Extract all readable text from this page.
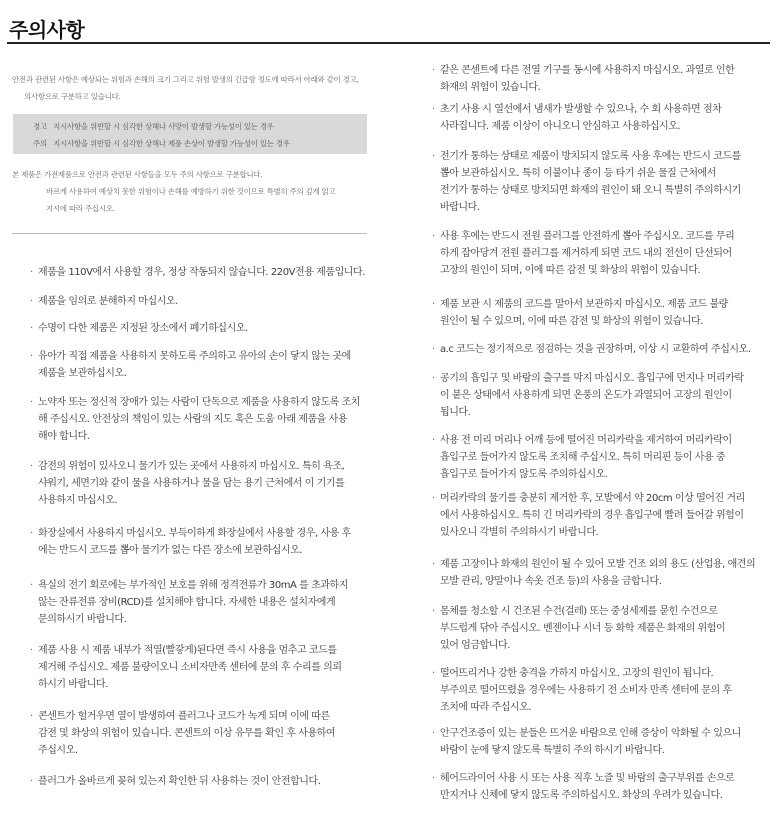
주의사항
안전과 관련된 사항은 예상되는 위험과 손해의 크기 그리고 위험 발생의 긴급함 정도에 따라서 아래와 같이 경고,
의사항으로 구분하고 있습니다.
경고 지시사항을 위반할 시 심각한 상해나 사망이 발생할 가능성이 있는 경우
주의 지시사항을 위반할 시 심각한 상해나 제품 손상이 발생할 가능성이 있는 경우
본 제품은 가전제품으로 안전과 관련된 사항들을 모두 주의 사항으로 구분합니다.
바르게 사용하여 예상치 못한 위험이나 손해를 예방하기 위한 것이므로 특별히 주의 깊게 읽고
지시에 따라 주십시오.
· 제품을 110V에서 사용할 경우, 정상 작동되지 않습니다. 220V전용 제품입니다.
· 제품을 임의로 분해하지 마십시오.
· 수명이 다한 제품은 지정된 장소에서 폐기하십시오.
· 유아가 직접 제품을 사용하지 못하도록 주의하고 유아의 손이 닿지 않는 곳에
제품을 보관하십시오.
· 노약자 또는 정신적 장애가 있는 사람이 단독으로 제품을 사용하지 않도록 조치
해 주십시오. 안전상의 책임이 있는 사람의 지도 혹은 도움 아래 제품을 사용
해야 합니다.
· 감전의 위험이 있사오니 물기가 있는 곳에서 사용하지 마십시오. 특히 욕조,
샤워기, 세면기와 같이 물을 사용하거나 물을 담는 용기 근처에서 이 기기를
사용하지 마십시오.
· 화장실에서 사용하지 마십시오. 부득이하게 화장실에서 사용할 경우, 사용 후
에는 반드시 코드를 뽑아 물기가 없는 다른 장소에 보관하십시오.
· 욕실의 전기 회로에는 부가적인 보호를 위해 정격전류가 30mA 를 초과하지
않는 잔류전류 장비(RCD)를 설치해야 합니다. 자세한 내용은 설치자에게
문의하시기 바랍니다.
· 제품 사용 시 제품 내부가 적열(빨갛게)된다면 즉시 사용을 멈추고 코드를
제거해 주십시오. 제품 불량이오니 소비자만족 센터에 문의 후 수리를 의뢰
하시기 바랍니다.
· 콘센트가 헐거우면 열이 발생하여 플러그나 코드가 녹게 되며 이에 따른
감전 및 화상의 위험이 있습니다. 콘센트의 이상 유무를 확인 후 사용하여
주십시오.
· 플러그가 올바르게 꽂혀 있는지 확인한 뒤 사용하는 것이 안전합니다.
· 같은 콘센트에 다른 전열 기구를 동시에 사용하지 마십시오. 과열로 인한
화재의 위험이 있습니다.
· 초기 사용 시 열선에서 냄새가 발생할 수 있으나, 수 회 사용하면 점차
사라집니다. 제품 이상이 아니오니 안심하고 사용하십시오.
· 전기가 통하는 상태로 제품이 방치되지 않도록 사용 후에는 반드시 코드를
뽑아 보관하십시오. 특히 이불이나 종이 등 타기 쉬운 물질 근처에서
전기가 통하는 상태로 방치되면 화재의 원인이 돼 오니 특별히 주의하시기
바랍니다.
· 사용 후에는 반드시 전원 플러그를 안전하게 뽑아 주십시오. 코드를 무리
하게 잡아당겨 전원 플러그를 제거하게 되면 코드 내의 전선이 단선되어
고장의 원인이 되며, 이에 따른 감전 및 화상의 위험이 있습니다.
· 제품 보관 시 제품의 코드를 말아서 보관하지 마십시오. 제품 코드 불량
원인이 될 수 있으며, 이에 따른 감전 및 화상의 위험이 있습니다.
· a.c 코드는 정기적으로 점검하는 것을 권장하며, 이상 시 교환하여 주십시오.
· 공기의 흡입구 및 바람의 출구를 막지 마십시오. 흡입구에 먼지나 머리카락
이 붙은 상태에서 사용하게 되면 온풍의 온도가 과열되어 고장의 원인이
됩니다.
· 사용 전 미리 머리나 어깨 등에 떨어진 머리카락을 제거하여 머리카락이
흡입구로 들어가지 않도록 조치해 주십시오. 특히 머리핀 등이 사용 중
흡입구로 들어가지 않도록 주의하십시오.
· 머리카락의 물기를 충분히 제거한 후, 모발에서 약 20cm 이상 떨어진 거리
에서 사용하십시오. 특히 긴 머리카락의 경우 흡입구에 빨려 들어갈 위험이
있사오니 각별히 주의하시기 바랍니다.
· 제품 고장이나 화재의 원인이 될 수 있어 모발 건조 외의 용도 (산업용, 애견의
모발 관리, 양말이나 속옷 건조 등)의 사용을 금합니다.
· 몸체를 청소할 시 건조된 수건(걸레) 또는 중성세제를 묻힌 수건으로
부드럽게 닦아 주십시오. 벤젠이나 시너 등 화학 제품은 화재의 위험이
있어 엄금합니다.
· 떨어뜨리거나 강한 충격을 가하지 마십시오. 고장의 원인이 됩니다.
부주의로 떨어뜨렸을 경우에는 사용하기 전 소비자 만족 센터에 문의 후
조치에 따라 주십시오.
· 안구건조증이 있는 분들은 뜨거운 바람으로 인해 증상이 악화될 수 있으니
바람이 눈에 닿지 않도록 특별히 주의 하시기 바랍니다.
· 헤어드라이어 사용 시 또는 사용 직후 노즐 및 바람의 출구부위를 손으로
만지거나 신체에 닿지 않도록 주의하십시오. 화상의 우려가 있습니다.
